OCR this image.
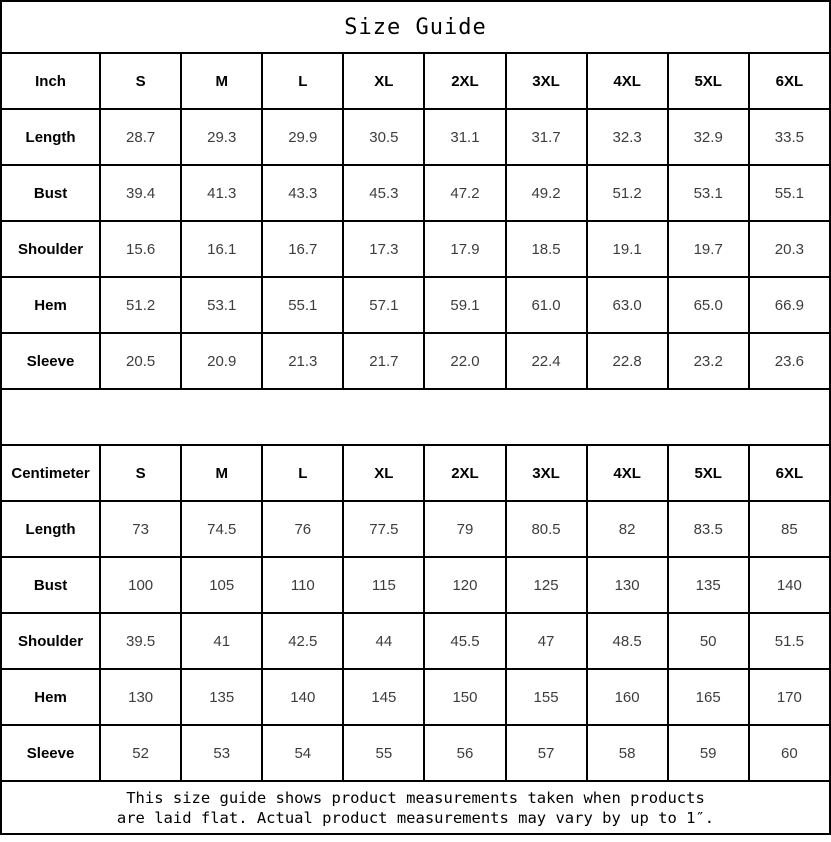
Size Guide									
Inch	S	M	L	XL	2XL	3XL	4XL	5XL	6XL
Length	28.7	29.3	29.9	30.5	31.1	31.7	32.3	32.9	33.5
Bust	39.4	41.3	43.3	45.3	47.2	49.2	51.2	53.1	55.1
Shoulder	15.6	16.1	16.7	17.3	17.9	18.5	19.1	19.7	20.3
Hem	51.2	53.1	55.1	57.1	59.1	61.0	63.0	65.0	66.9
Sleeve	20.5	20.9	21.3	21.7	22.0	22.4	22.8	23.2	23.6

Centimeter	S	M	L	XL	2XL	3XL	4XL	5XL	6XL
Length	73	74.5	76	77.5	79	80.5	82	83.5	85
Bust	100	105	110	115	120	125	130	135	140
Shoulder	39.5	41	42.5	44	45.5	47	48.5	50	51.5
Hem	130	135	140	145	150	155	160	165	170
Sleeve	52	53	54	55	56	57	58	59	60

This size guide shows product measurements taken when products
are laid flat. Actual product measurements may vary by up to 1″.									
